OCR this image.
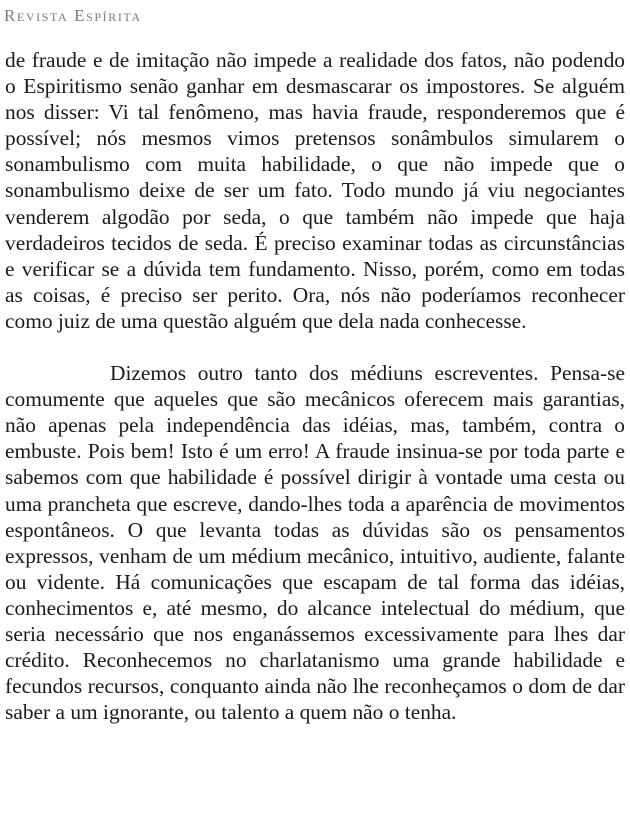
Revista Espírita

de fraude e de imitação não impede a realidade dos fatos, não podendo o Espiritismo senão ganhar em desmascarar os impostores. Se alguém nos disser: Vi tal fenômeno, mas havia fraude, responderemos que é possível; nós mesmos vimos pretensos sonâmbulos simularem o sonambulismo com muita habilidade, o que não impede que o sonambulismo deixe de ser um fato. Todo mundo já viu negociantes venderem algodão por seda, o que também não impede que haja verdadeiros tecidos de seda. É preciso examinar todas as circunstâncias e verificar se a dúvida tem fundamento. Nisso, porém, como em todas as coisas, é preciso ser perito. Ora, nós não poderíamos reconhecer como juiz de uma questão alguém que dela nada conhecesse.

Dizemos outro tanto dos médiuns escreventes. Pensa-se comumente que aqueles que são mecânicos oferecem mais garantias, não apenas pela independência das idéias, mas, também, contra o embuste. Pois bem! Isto é um erro! A fraude insinua-se por toda parte e sabemos com que habilidade é possível dirigir à vontade uma cesta ou uma prancheta que escreve, dando-lhes toda a aparência de movimentos espontâneos. O que levanta todas as dúvidas são os pensamentos expressos, venham de um médium mecânico, intuitivo, audiente, falante ou vidente. Há comunicações que escapam de tal forma das idéias, conhecimentos e, até mesmo, do alcance intelectual do médium, que seria necessário que nos enganássemos excessivamente para lhes dar crédito. Reconhecemos no charlatanismo uma grande habilidade e fecundos recursos, conquanto ainda não lhe reconheçamos o dom de dar saber a um ignorante, ou talento a quem não o tenha.
